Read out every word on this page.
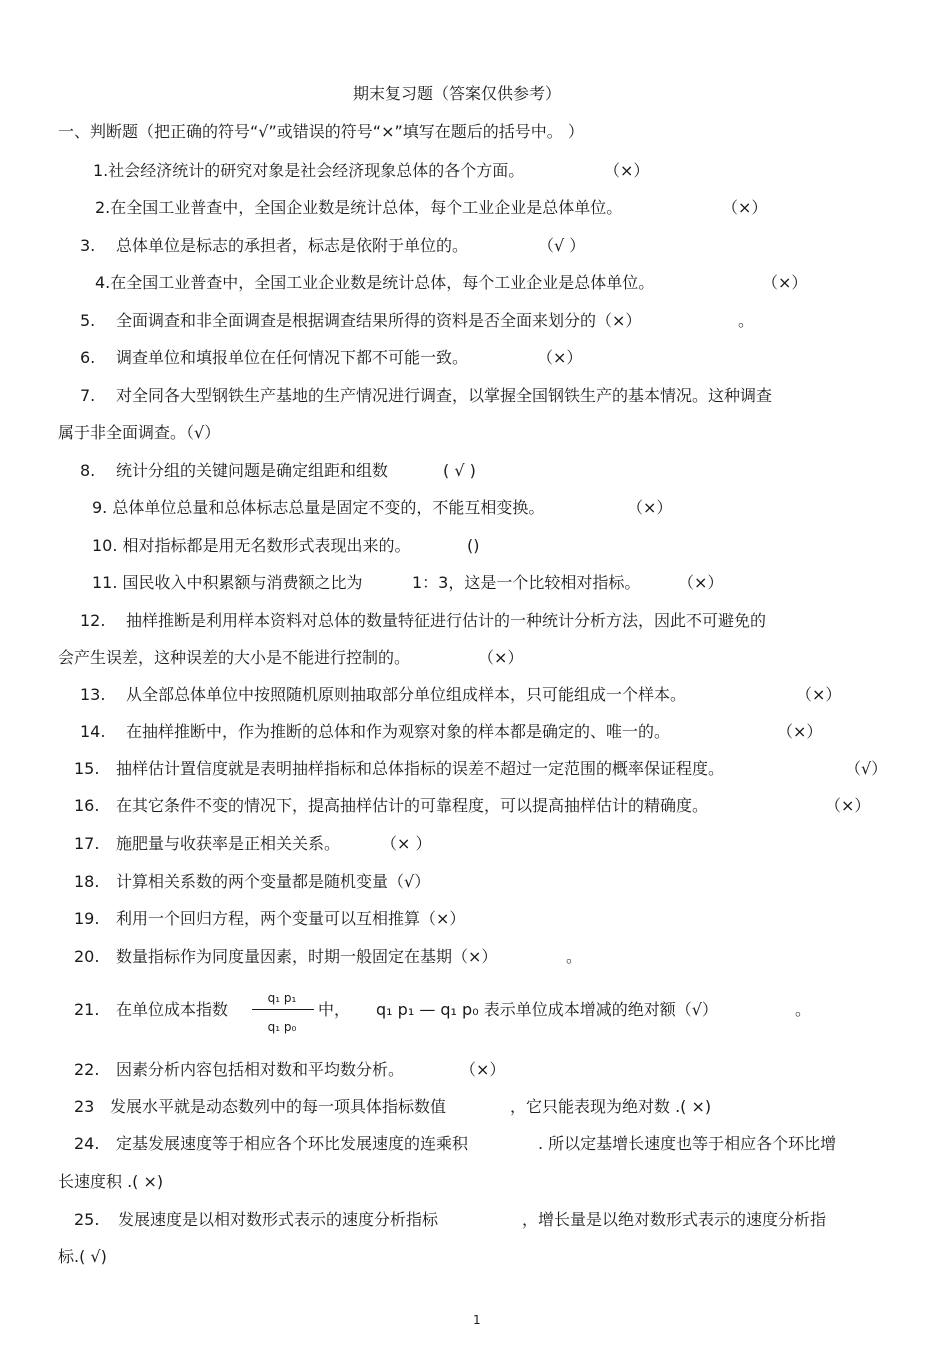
期末复习题（答案仅供参考）
一、判断题（把正确的符号“√”或错误的符号“×”填写在题后的括号中。 ）
1.社会经济统计的研究对象是社会经济现象总体的各个方面。	（×）
2.在全国工业普查中，全国企业数是统计总体，每个工业企业是总体单位。	（×）
3. 总体单位是标志的承担者，标志是依附于单位的。	（√ ）
4.在全国工业普查中，全国工业企业数是统计总体，每个工业企业是总体单位。	（×）
5. 全面调查和非全面调查是根据调查结果所得的资料是否全面来划分的（×）	。
6. 调查单位和填报单位在任何情况下都不可能一致。	（×）
7. 对全同各大型钢铁生产基地的生产情况进行调查，以掌握全国钢铁生产的基本情况。这种调查
属于非全面调查。（√）
8. 统计分组的关键问题是确定组距和组数	( √ )
9. 总体单位总量和总体标志总量是固定不变的，不能互相变换。	（×）
10. 相对指标都是用无名数形式表现出来的。	()
11. 国民收入中积累额与消费额之比为	1：3，这是一个比较相对指标。 （×）
12. 抽样推断是利用样本资料对总体的数量特征进行估计的一种统计分析方法，因此不可避免的
会产生误差，这种误差的大小是不能进行控制的。	（×）
13. 从全部总体单位中按照随机原则抽取部分单位组成样本，只可能组成一个样本。	（×）
14. 在抽样推断中，作为推断的总体和作为观察对象的样本都是确定的、唯一的。	（×）
15. 抽样估计置信度就是表明抽样指标和总体指标的误差不超过一定范围的概率保证程度。	（√）
16. 在其它条件不变的情况下，提高抽样估计的可靠程度，可以提高抽样估计的精确度。	（×）
17. 施肥量与收获率是正相关关系。	（× ）
18. 计算相关系数的两个变量都是随机变量（√）
19. 利用一个回归方程，两个变量可以互相推算（×）
20. 数量指标作为同度量因素，时期一般固定在基期（×）	。
21. 在单位成本指数
q₁ p₁
q₁ p₀
中， q₁ p₁ — q₁ p₀ 表示单位成本增减的绝对额（√）	。
22. 因素分析内容包括相对数和平均数分析。	（×）
23 发展水平就是动态数列中的每一项具体指标数值	，它只能表现为绝对数 .( ×)
24. 定基发展速度等于相应各个环比发展速度的连乘积	. 所以定基增长速度也等于相应各个环比增
长速度积 .( ×)
25. 发展速度是以相对数形式表示的速度分析指标	，增长量是以绝对数形式表示的速度分析指
标.( √)
1
